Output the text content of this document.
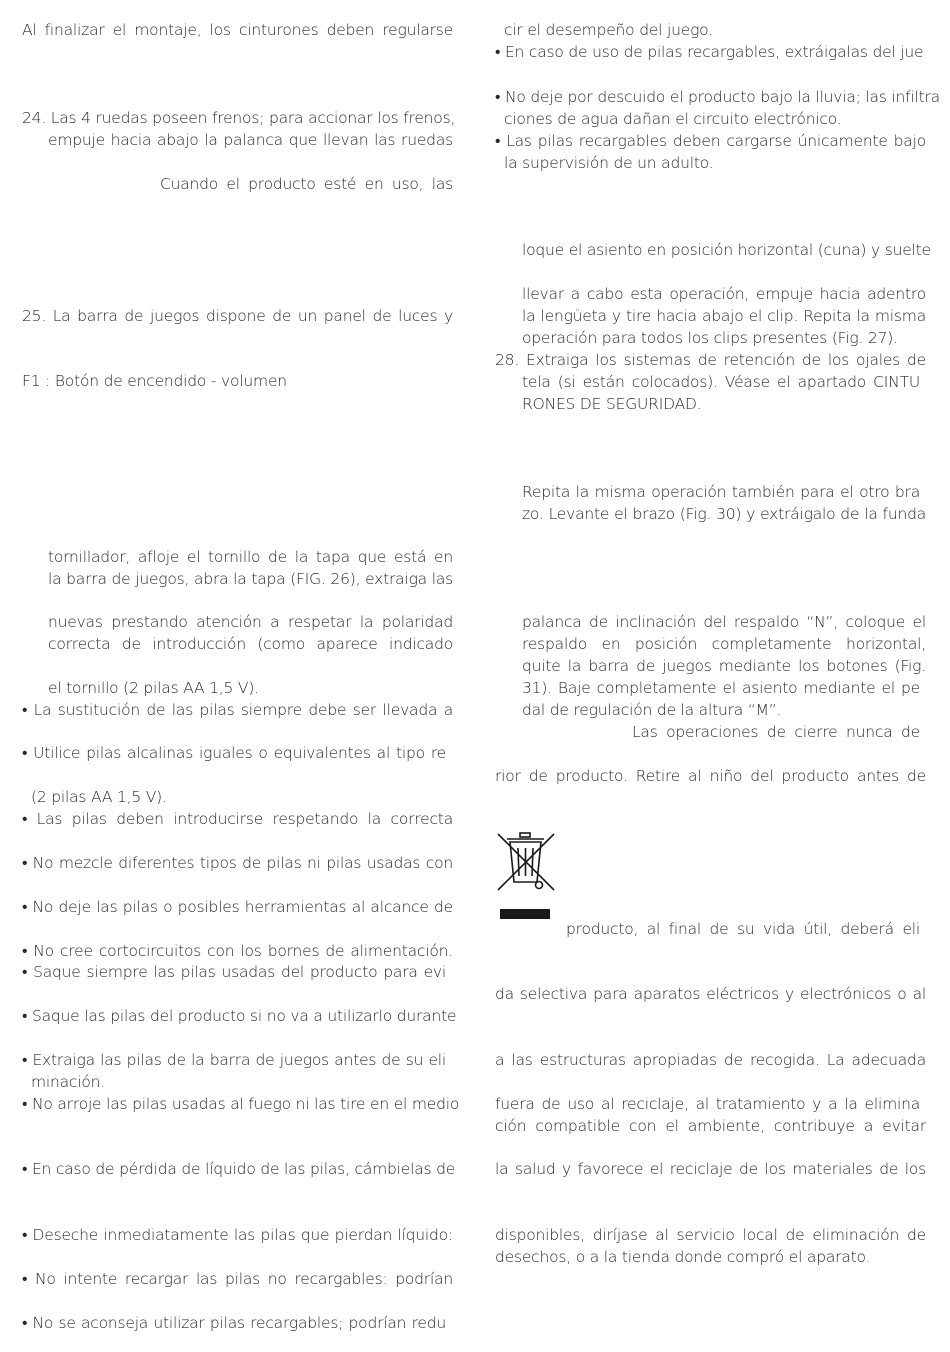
Al finalizar el montaje, los cinturones deben regularse
24. Las 4 ruedas poseen frenos; para accionar los frenos,
empuje hacia abajo la palanca que llevan las ruedas
Cuando el producto esté en uso, las
25. La barra de juegos dispone de un panel de luces y
F1 : Botón de encendido - volumen
tornillador, afloje el tornillo de la tapa que está en
la barra de juegos, abra la tapa (FIG. 26), extraiga las
nuevas prestando atención a respetar la polaridad
correcta de introducción (como aparece indicado
el tornillo (2 pilas AA 1,5 V).
• La sustitución de las pilas siempre debe ser llevada a
• Utilice pilas alcalinas iguales o equivalentes al tipo re
(2 pilas AA 1,5 V).
• Las pilas deben introducirse respetando la correcta
• No mezcle diferentes tipos de pilas ni pilas usadas con
• No deje las pilas o posibles herramientas al alcance de
• No cree cortocircuitos con los bornes de alimentación.
• Saque siempre las pilas usadas del producto para evi
• Saque las pilas del producto si no va a utilizarlo durante
• Extraiga las pilas de la barra de juegos antes de su eli
minación.
• No arroje las pilas usadas al fuego ni las tire en el medio
• En caso de pérdida de líquido de las pilas, cámbielas de
• Deseche inmediatamente las pilas que pierdan líquido:
• No intente recargar las pilas no recargables: podrían
• No se aconseja utilizar pilas recargables; podrían redu
cir el desempeño del juego.
• En caso de uso de pilas recargables, extráigalas del jue
• No deje por descuido el producto bajo la lluvia; las infiltra
ciones de agua dañan el circuito electrónico.
• Las pilas recargables deben cargarse únicamente bajo
la supervisión de un adulto.
loque el asiento en posición horizontal (cuna) y suelte
llevar a cabo esta operación, empuje hacia adentro
la lengüeta y tire hacia abajo el clip. Repita la misma
operación para todos los clips presentes (Fig. 27).
28. Extraiga los sistemas de retención de los ojales de
tela (si están colocados). Véase el apartado CINTU
RONES DE SEGURIDAD.
Repita la misma operación también para el otro bra
zo. Levante el brazo (Fig. 30) y extráigalo de la funda
palanca de inclinación del respaldo “N”, coloque el
respaldo en posición completamente horizontal,
quite la barra de juegos mediante los botones (Fig.
31). Baje completamente el asiento mediante el pe
dal de regulación de la altura “M”.
Las operaciones de cierre nunca de
rior de producto. Retire al niño del producto antes de
producto, al final de su vida útil, deberá eli
da selectiva para aparatos eléctricos y electrónicos o al
a las estructuras apropiadas de recogida. La adecuada
fuera de uso al reciclaje, al tratamiento y a la elimina
ción compatible con el ambiente, contribuye a evitar
la salud y favorece el reciclaje de los materiales de los
disponibles, diríjase al servicio local de eliminación de
desechos, o a la tienda donde compró el aparato.
